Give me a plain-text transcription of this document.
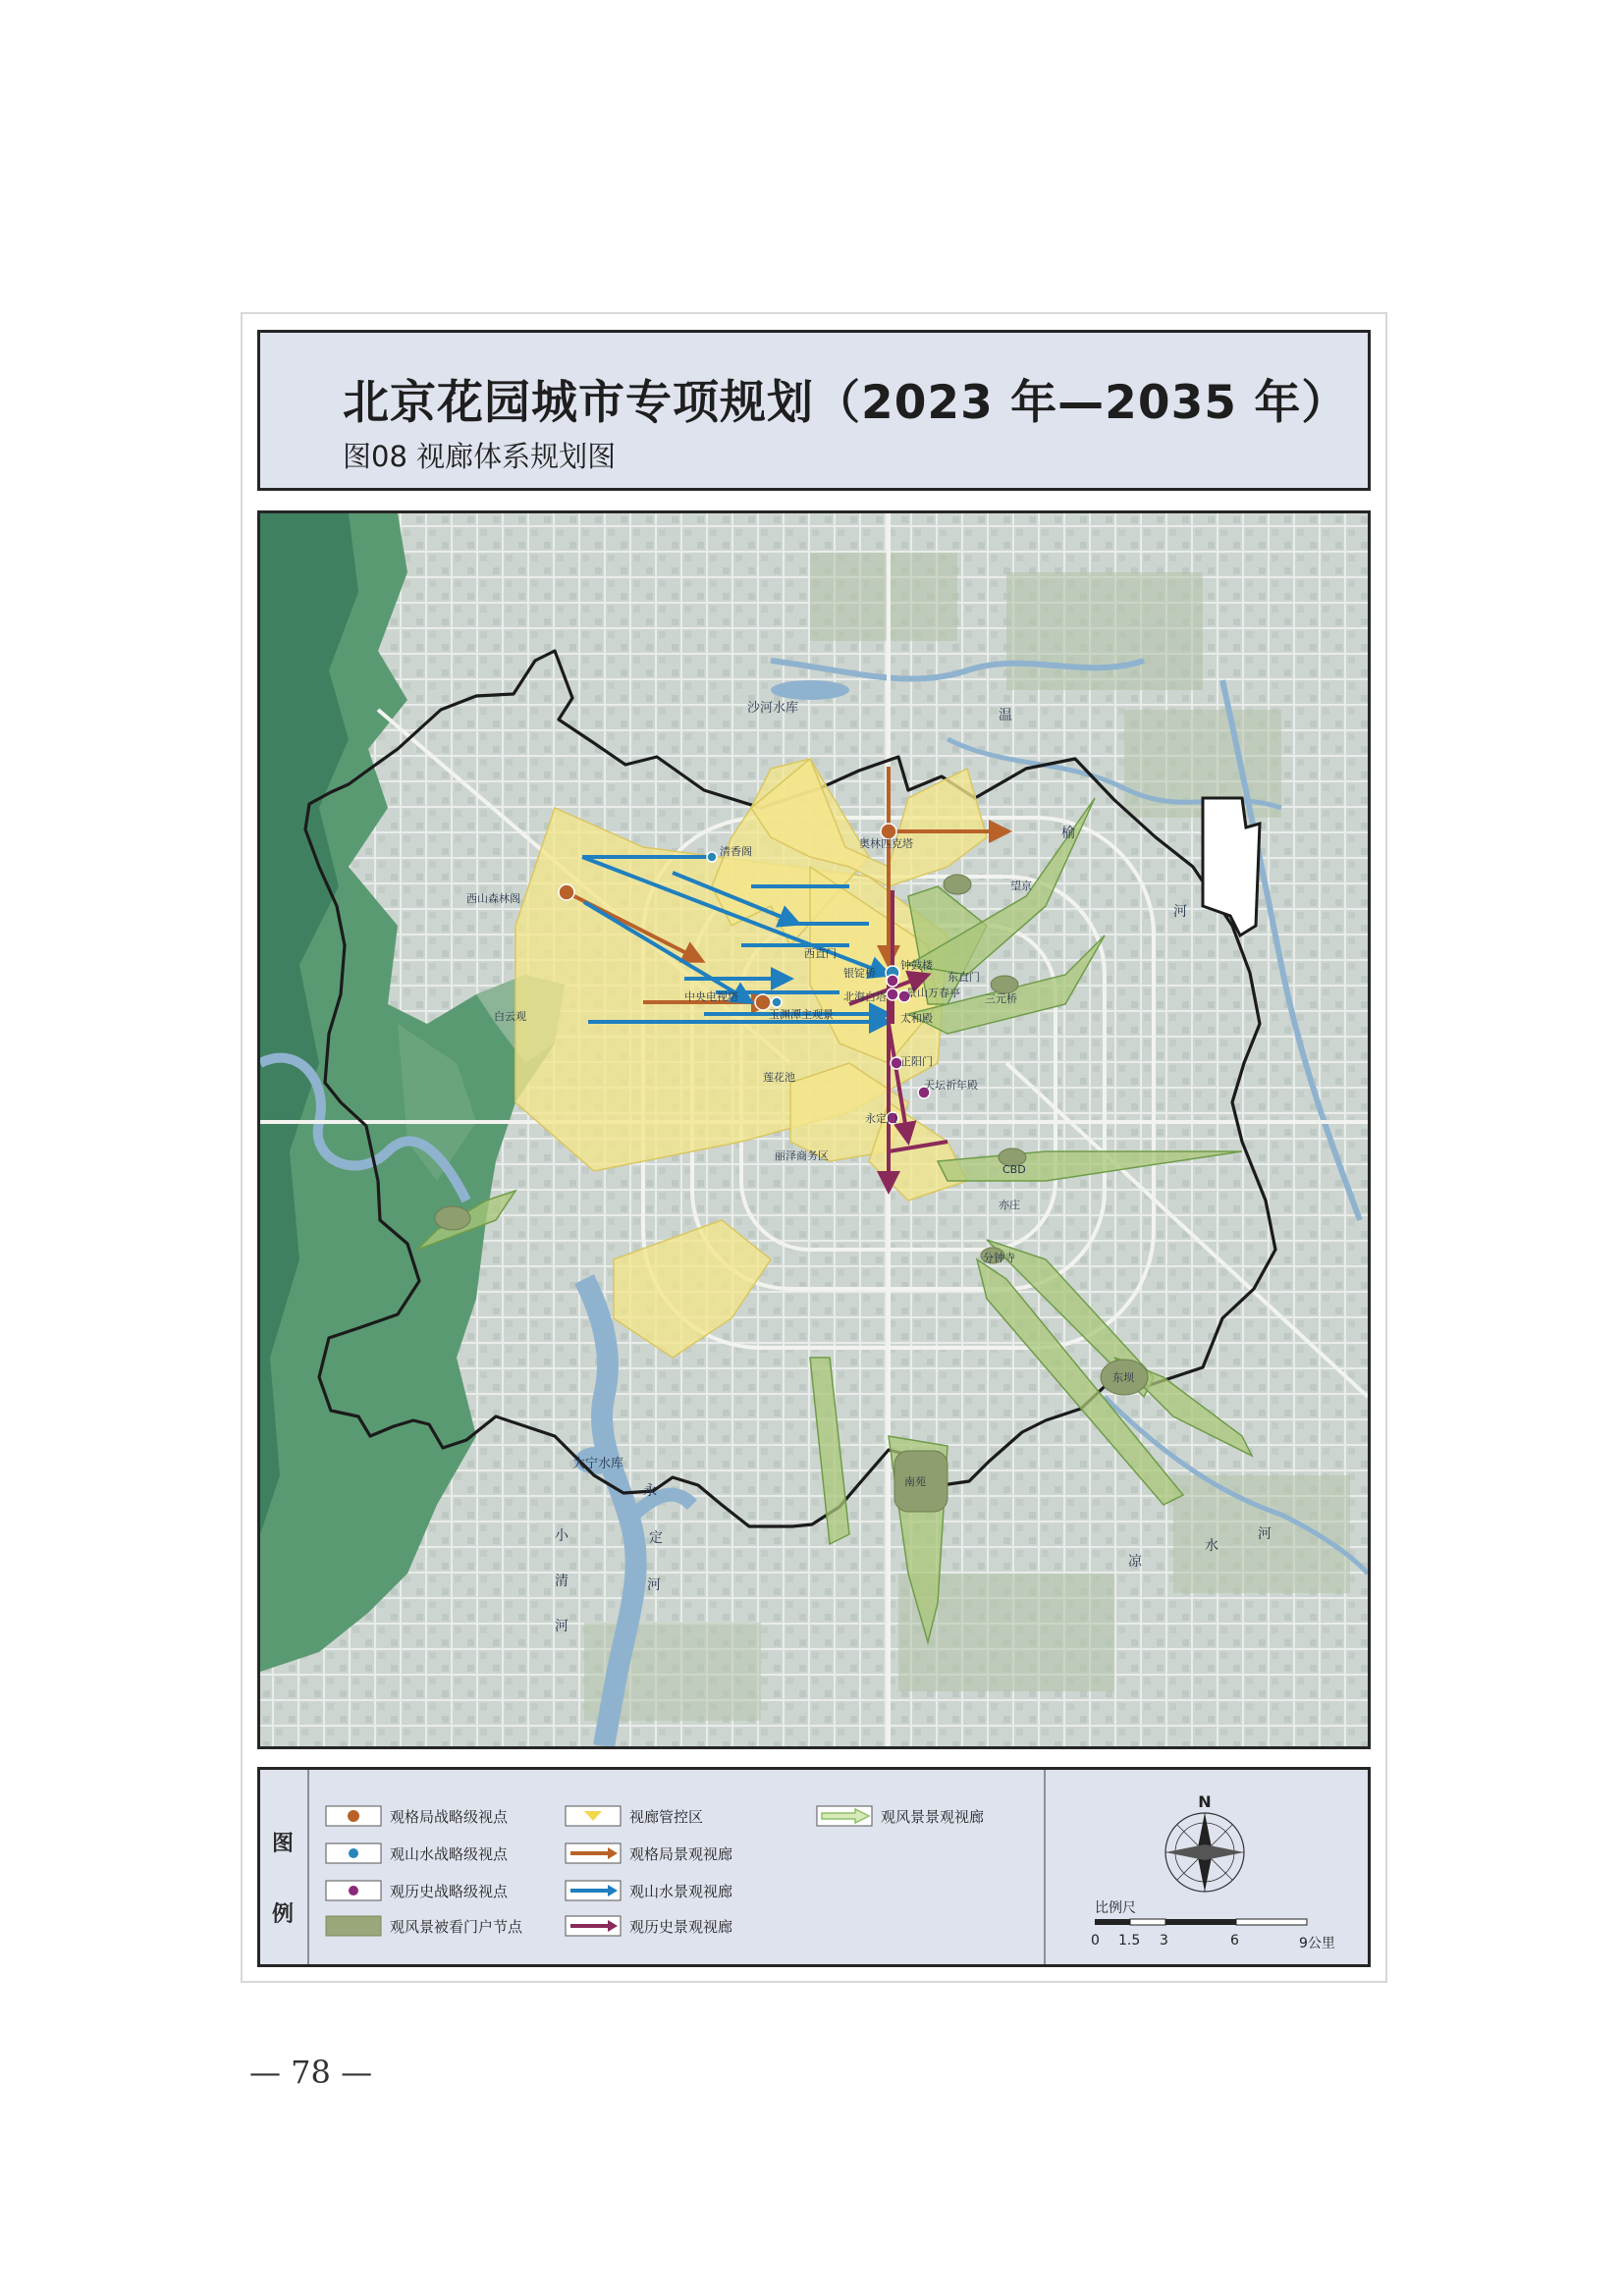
北京花园城市专项规划（2023 年—2035 年）
图08 视廊体系规划图
沙河水库	温
榆
河
清香阁
西山森林阁
奥林匹克塔
西直门
钟鼓楼
银锭桥	东直门
景山万春亭
北海白塔
太和殿
中央电视塔
玉渊潭主观景
白云观
正阳门
天坛祈年殿
永定门
莲花池
丽泽商务区
CBD
三元桥
望京
东坝
分钟寺
亦庄
南苑
大宁水库
永
定
河
小
清
河
凉
水
河
图
例
观格局战略级视点
观山水战略级视点
观历史战略级视点
观风景被看门户节点
视廊管控区
观格局景观视廊
观山水景观视廊
观历史景观视廊
观风景景观视廊
N
比例尺
0 1.5 3	6	9公里
— 78 —
